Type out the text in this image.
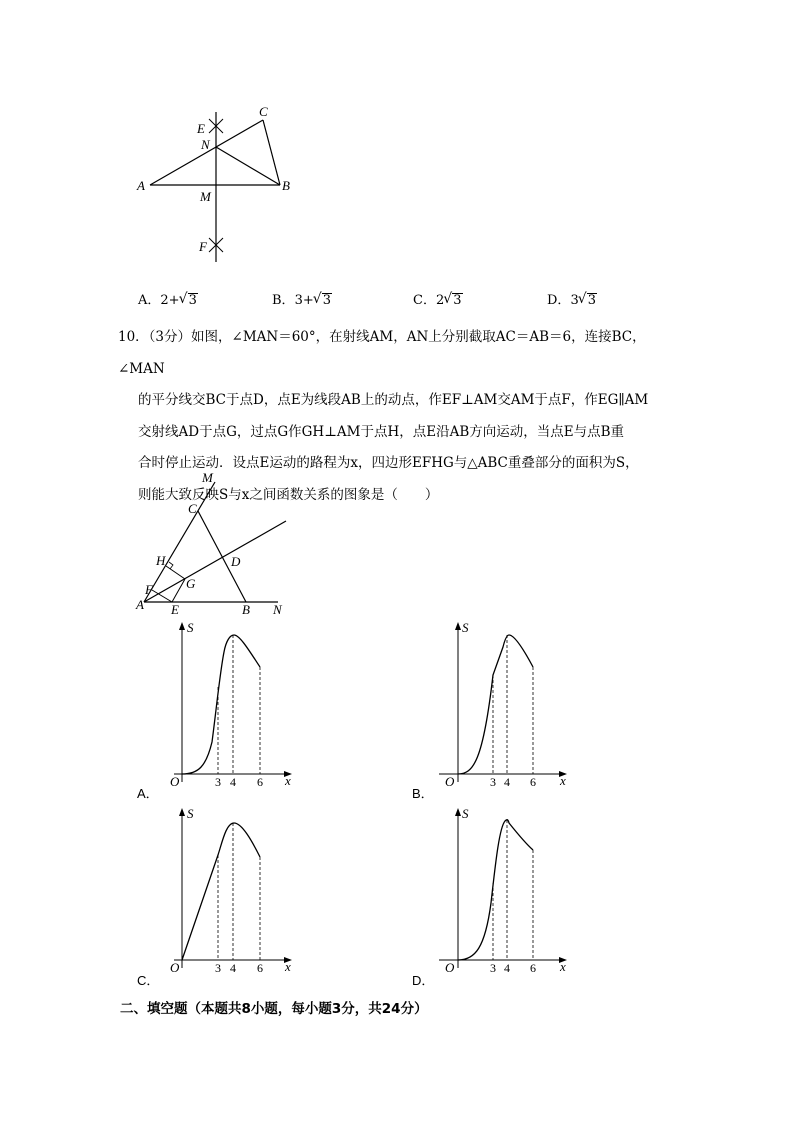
C
E
N
A
M
B
F
A．2+ √ 3	B．3+ √ 3	C．2 √ 3	D．3 √ 3

10．（3分）如图，∠MAN＝60°，在射线AM，AN上分别截取AC＝AB＝6，连接BC，∠MAN

的平分线交BC于点D，点E为线段AB上的动点，作EF⊥AM交AM于点F，作EG∥AM

交射线AD于点G，过点G作GH⊥AM于点H，点E沿AB方向运动，当点E与点B重

合时停止运动．设点E运动的路程为x，四边形EFHG与△ABC重叠部分的面积为S，

则能大致反映S与x之间函数关系的图象是（　　）

M
C
H	D
F	G
A E	B N
S
x
O	3 4 6
A．
S
x
O	3 4 6
B．
S
x
O	3 4 6
C．
S
x
O	3 4 6
D．
二、填空题（本题共8小题，每小题3分，共24分）
